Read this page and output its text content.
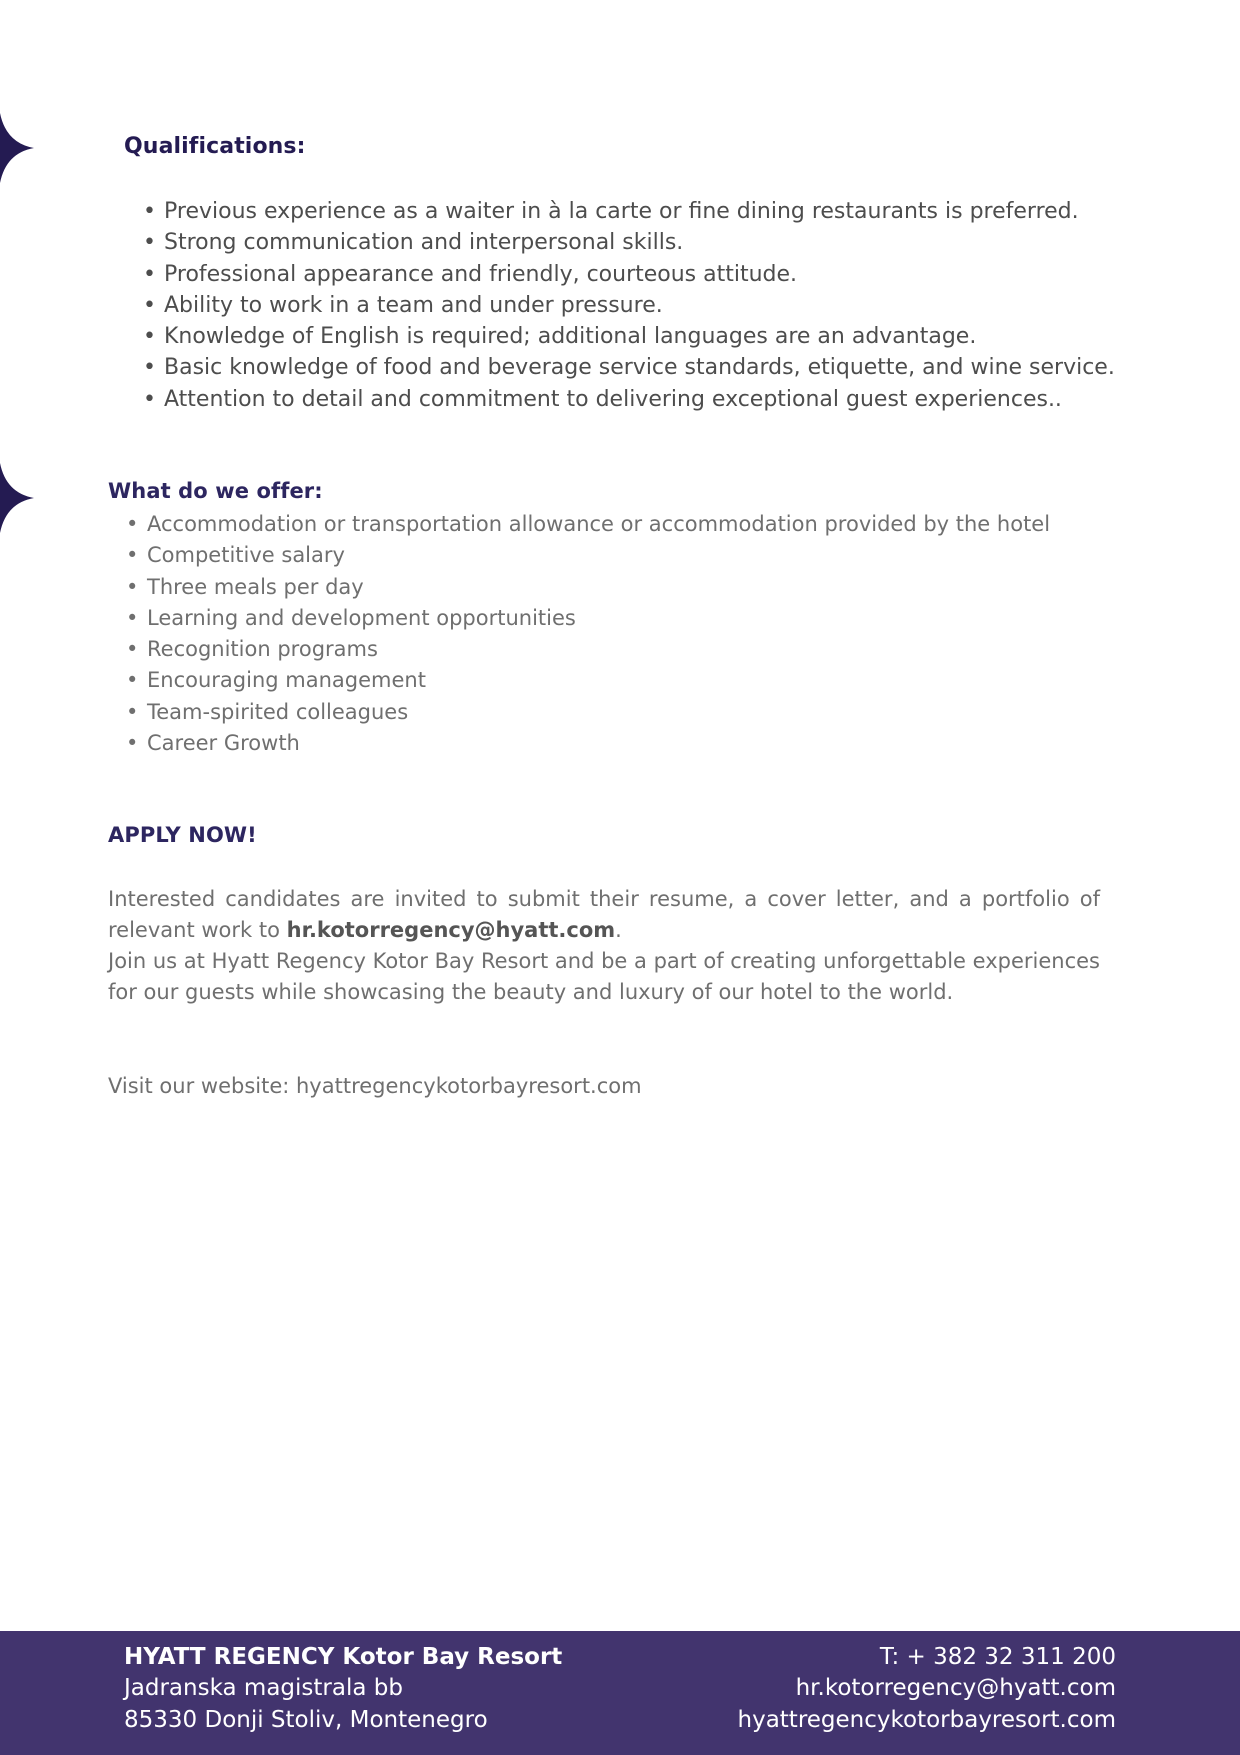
Qualifications:
• Previous experience as a waiter in à la carte or fine dining restaurants is preferred.
• Strong communication and interpersonal skills.
• Professional appearance and friendly, courteous attitude.
• Ability to work in a team and under pressure.
• Knowledge of English is required; additional languages are an advantage.
• Basic knowledge of food and beverage service standards, etiquette, and wine service.
• Attention to detail and commitment to delivering exceptional guest experiences..
What do we offer:
• Accommodation or transportation allowance or accommodation provided by the hotel
• Competitive salary
• Three meals per day
• Learning and development opportunities
• Recognition programs
• Encouraging management
• Team-spirited colleagues
• Career Growth
APPLY NOW!

Interested candidates are invited to submit their resume, a cover letter, and a portfolio of relevant work to hr.kotorregency@hyatt.com.

Join us at Hyatt Regency Kotor Bay Resort and be a part of creating unforgettable experiences for our guests while showcasing the beauty and luxury of our hotel to the world.

Visit our website: hyattregencykotorbayresort.com

HYATT REGENCY Kotor Bay Resort
Jadranska magistrala bb
85330 Donji Stoliv, Montenegro
T: + 382 32 311 200
hr.kotorregency@hyatt.com
hyattregencykotorbayresort.com
